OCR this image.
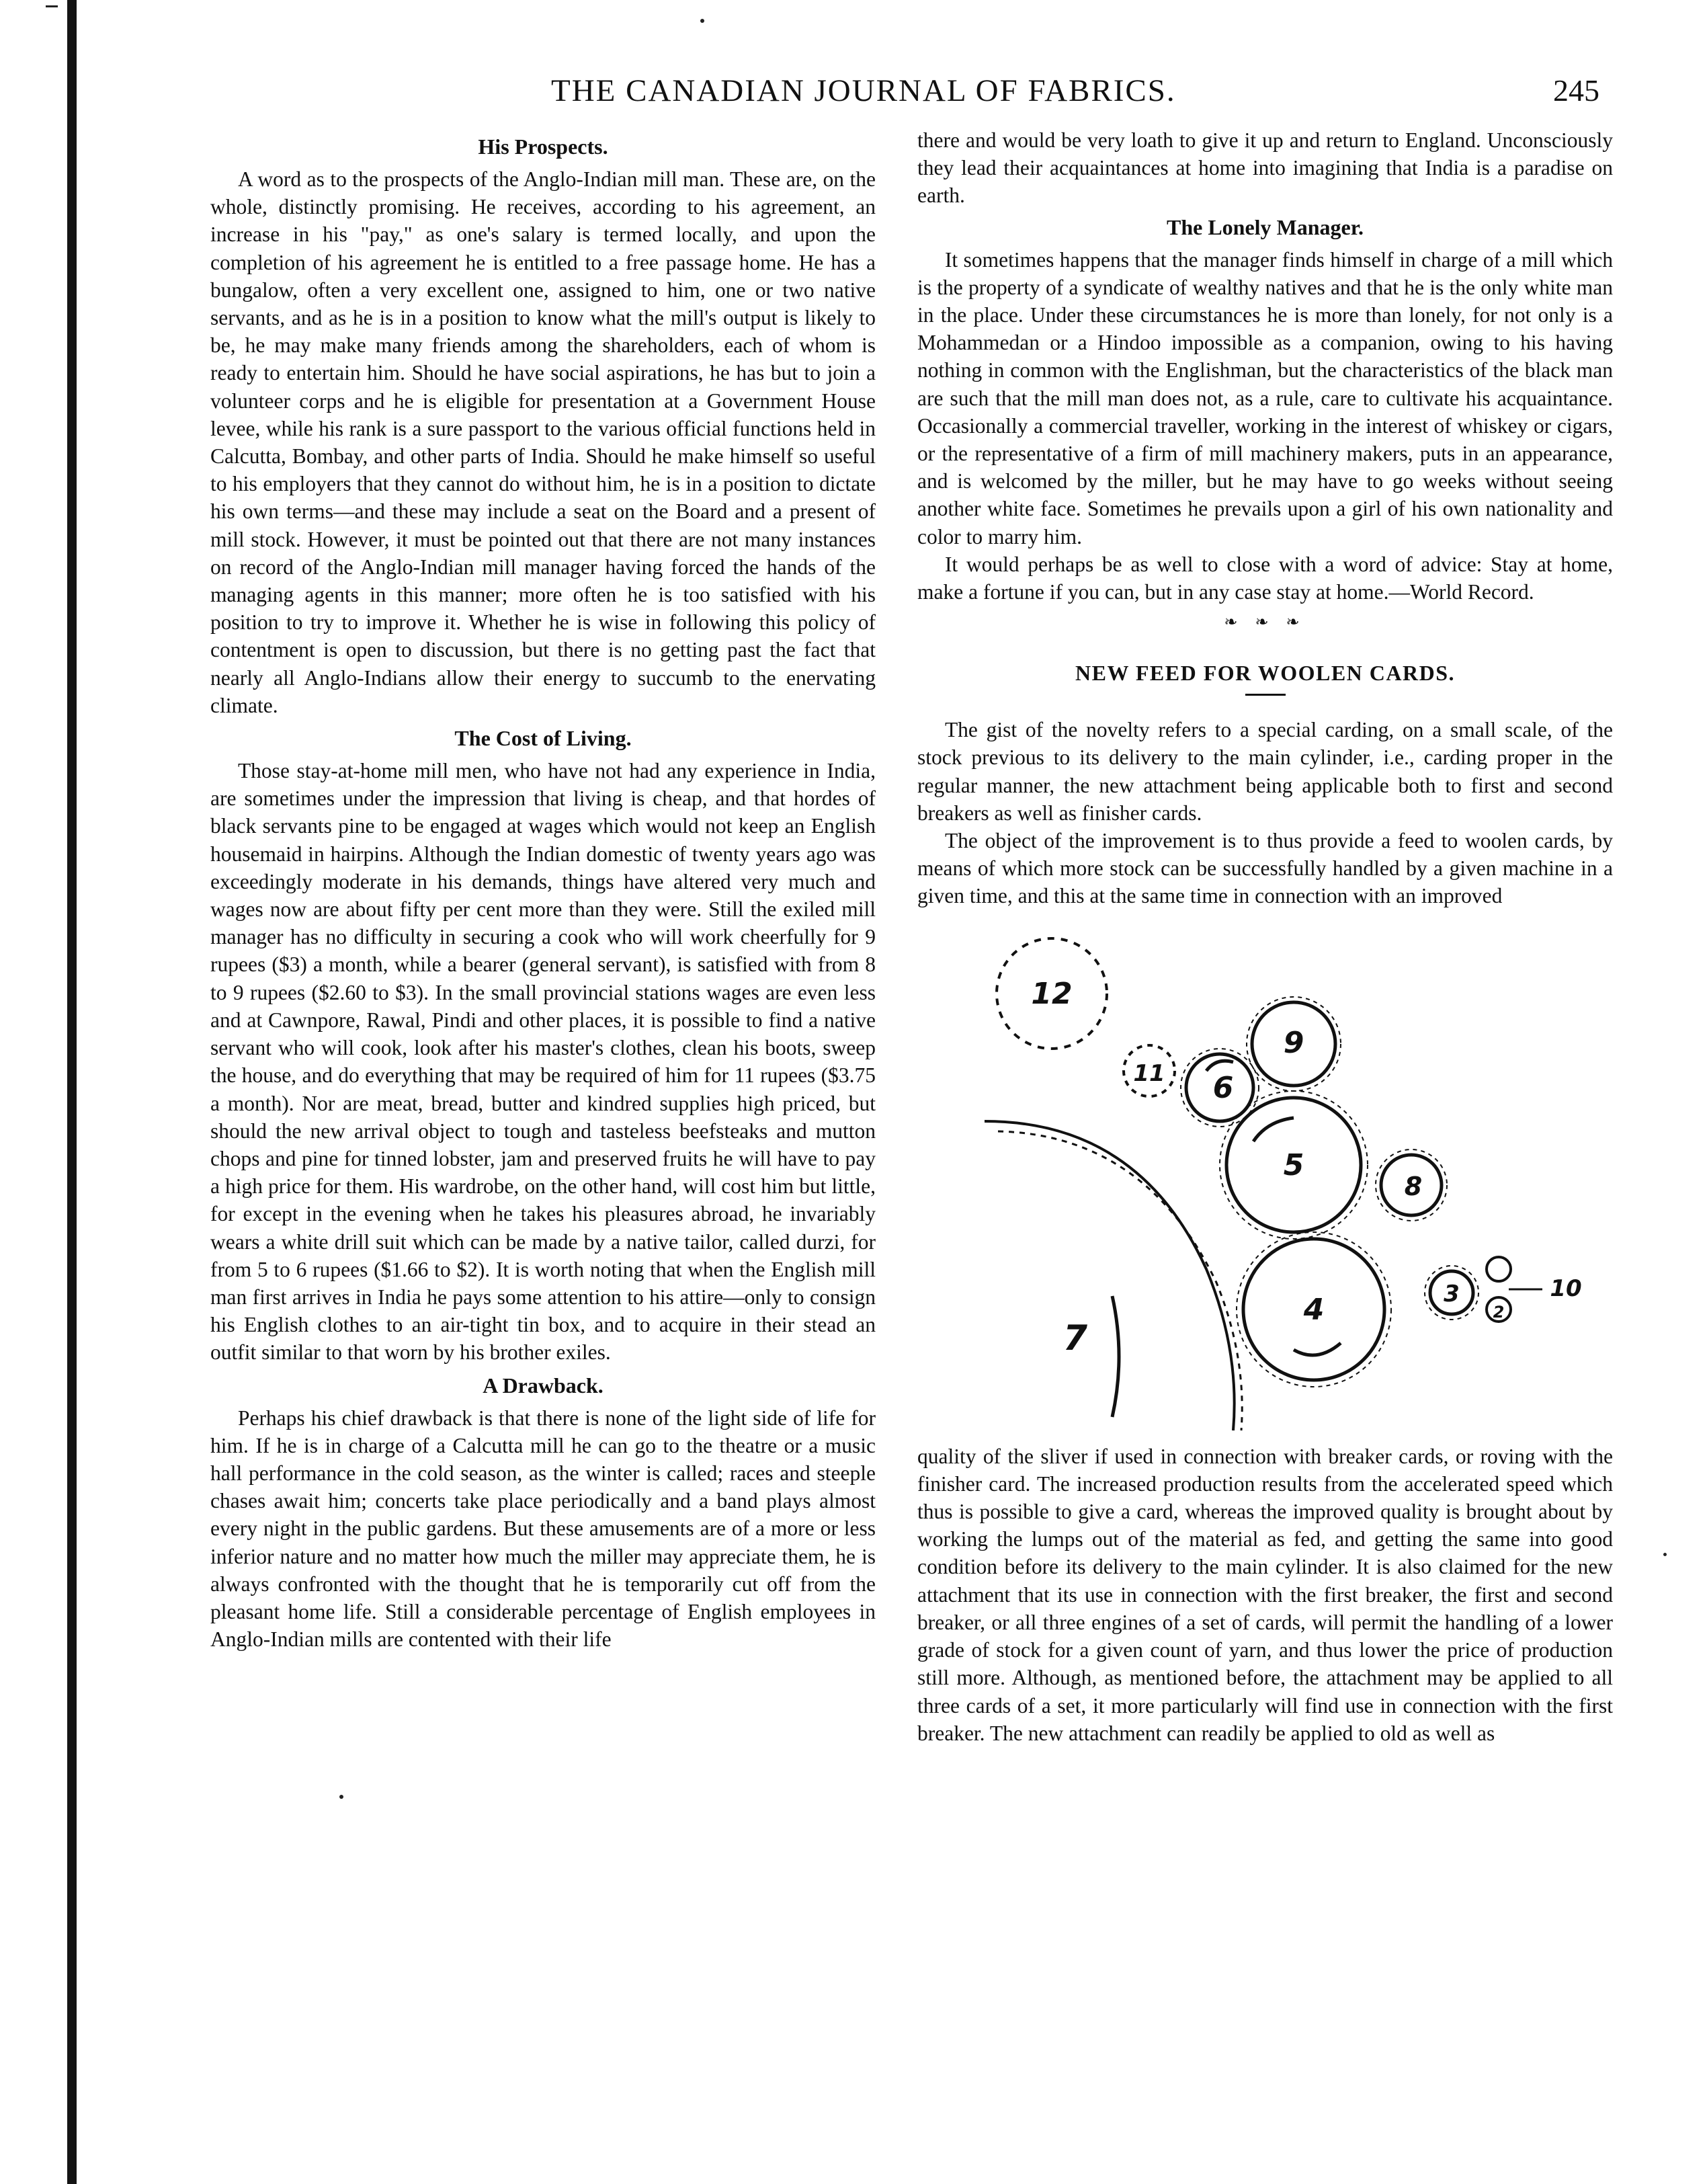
THE CANADIAN JOURNAL OF FABRICS.	245
His Prospects.

A word as to the prospects of the Anglo-Indian mill man. These are, on the whole, distinctly promising. He receives, according to his agreement, an increase in his "pay," as one's salary is termed locally, and upon the completion of his agreement he is entitled to a free passage home. He has a bungalow, often a very excellent one, assigned to him, one or two native servants, and as he is in a position to know what the mill's output is likely to be, he may make many friends among the shareholders, each of whom is ready to entertain him. Should he have social aspirations, he has but to join a volunteer corps and he is eligible for presentation at a Government House levee, while his rank is a sure passport to the various official functions held in Calcutta, Bombay, and other parts of India. Should he make himself so useful to his employers that they cannot do without him, he is in a position to dictate his own terms—and these may include a seat on the Board and a present of mill stock. However, it must be pointed out that there are not many instances on record of the Anglo-Indian mill manager having forced the hands of the managing agents in this manner; more often he is too satisfied with his position to try to improve it. Whether he is wise in following this policy of contentment is open to discussion, but there is no getting past the fact that nearly all Anglo-Indians allow their energy to succumb to the enervating climate.

The Cost of Living.

Those stay-at-home mill men, who have not had any experience in India, are sometimes under the impression that living is cheap, and that hordes of black servants pine to be engaged at wages which would not keep an English housemaid in hairpins. Although the Indian domestic of twenty years ago was exceedingly moderate in his demands, things have altered very much and wages now are about fifty per cent more than they were. Still the exiled mill manager has no difficulty in securing a cook who will work cheerfully for 9 rupees ($3) a month, while a bearer (general servant), is satisfied with from 8 to 9 rupees ($2.60 to $3). In the small provincial stations wages are even less and at Cawnpore, Rawal, Pindi and other places, it is possible to find a native servant who will cook, look after his master's clothes, clean his boots, sweep the house, and do everything that may be required of him for 11 rupees ($3.75 a month). Nor are meat, bread, butter and kindred supplies high priced, but should the new arrival object to tough and tasteless beefsteaks and mutton chops and pine for tinned lobster, jam and preserved fruits he will have to pay a high price for them. His wardrobe, on the other hand, will cost him but little, for except in the evening when he takes his pleasures abroad, he invariably wears a white drill suit which can be made by a native tailor, called durzi, for from 5 to 6 rupees ($1.66 to $2). It is worth noting that when the English mill man first arrives in India he pays some attention to his attire—only to consign his English clothes to an air-tight tin box, and to acquire in their stead an outfit similar to that worn by his brother exiles.

A Drawback.

Perhaps his chief drawback is that there is none of the light side of life for him. If he is in charge of a Calcutta mill he can go to the theatre or a music hall performance in the cold season, as the winter is called; races and steeple chases await him; concerts take place periodically and a band plays almost every night in the public gardens. But these amusements are of a more or less inferior nature and no matter how much the miller may appreciate them, he is always confronted with the thought that he is temporarily cut off from the pleasant home life. Still a considerable percentage of English employees in Anglo-Indian mills are contented with their life

there and would be very loath to give it up and return to England. Unconsciously they lead their acquaintances at home into imagining that India is a paradise on earth.

The Lonely Manager.

It sometimes happens that the manager finds himself in charge of a mill which is the property of a syndicate of wealthy natives and that he is the only white man in the place. Under these circumstances he is more than lonely, for not only is a Mohammedan or a Hindoo impossible as a companion, owing to his having nothing in common with the Englishman, but the characteristics of the black man are such that the mill man does not, as a rule, care to cultivate his acquaintance. Occasionally a commercial traveller, working in the interest of whiskey or cigars, or the representative of a firm of mill machinery makers, puts in an appearance, and is welcomed by the miller, but he may have to go weeks without seeing another white face. Sometimes he prevails upon a girl of his own nationality and color to marry him.

It would perhaps be as well to close with a word of advice: Stay at home, make a fortune if you can, but in any case stay at home.—World Record.

❧ ❧ ❧
NEW FEED FOR WOOLEN CARDS.

The gist of the novelty refers to a special carding, on a small scale, of the stock previous to its delivery to the main cylinder, i.e., carding proper in the regular manner, the new attachment being applicable both to first and second breakers as well as finisher cards.

The object of the improvement is to thus provide a feed to woolen cards, by means of which more stock can be successfully handled by a given machine in a given time, and this at the same time in connection with an improved

12
11
9
6
5
8
4	3
2
10
7

quality of the sliver if used in connection with breaker cards, or roving with the finisher card. The increased production results from the accelerated speed which thus is possible to give a card, whereas the improved quality is brought about by working the lumps out of the material as fed, and getting the same into good condition before its delivery to the main cylinder. It is also claimed for the new attachment that its use in connection with the first breaker, the first and second breaker, or all three engines of a set of cards, will permit the handling of a lower grade of stock for a given count of yarn, and thus lower the price of production still more. Although, as mentioned before, the attachment may be applied to all three cards of a set, it more particularly will find use in connection with the first breaker. The new attachment can readily be applied to old as well as
